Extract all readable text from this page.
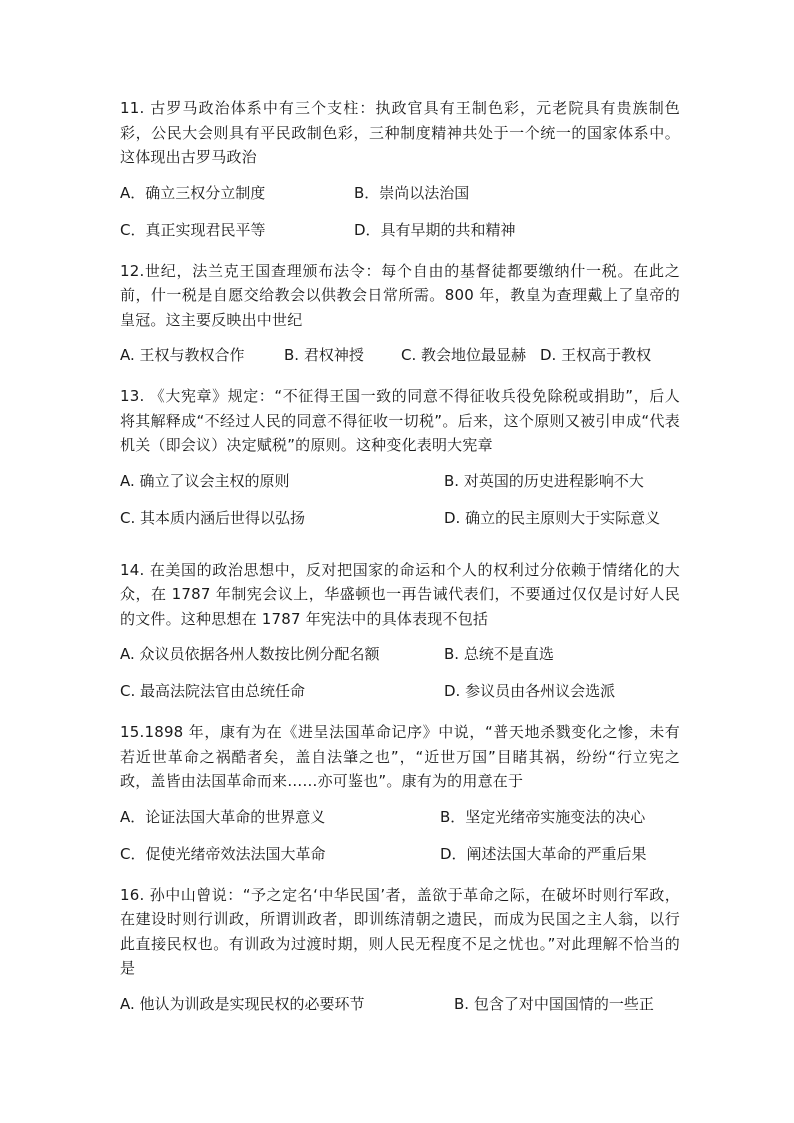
11. 古罗马政治体系中有三个支柱：执政官具有王制色彩，元老院具有贵族制色彩，公民大会则具有平民政制色彩，三种制度精神共处于一个统一的国家体系中。这体现出古罗马政治

A．确立三权分立制度	B．崇尚以法治国
C．真正实现君民平等	D．具有早期的共和精神

12.世纪，法兰克王国查理颁布法令：每个自由的基督徒都要缴纳什一税。在此之前，什一税是自愿交给教会以供教会日常所需。800 年，教皇为查理戴上了皇帝的皇冠。这主要反映出中世纪

A. 王权与教权合作	B. 君权神授 C. 教会地位最显赫 D. 王权高于教权

13. 《大宪章》规定：“不征得王国一致的同意不得征收兵役免除税或捐助”，后人将其解释成“不经过人民的同意不得征收一切税”。后来，这个原则又被引申成“代表机关（即会议）决定赋税”的原则。这种变化表明大宪章

A. 确立了议会主权的原则	B. 对英国的历史进程影响不大
C. 其本质内涵后世得以弘扬	D. 确立的民主原则大于实际意义

14. 在美国的政治思想中，反对把国家的命运和个人的权利过分依赖于情绪化的大众，在 1787 年制宪会议上，华盛顿也一再告诫代表们，不要通过仅仅是讨好人民的文件。这种思想在 1787 年宪法中的具体表现不包括

A. 众议员依据各州人数按比例分配名额	B. 总统不是直选
C. 最高法院法官由总统任命	D. 参议员由各州议会选派

15.1898 年，康有为在《进呈法国革命记序》中说，“普天地杀戮变化之惨，未有若近世革命之祸酷者矣，盖自法肇之也”，“近世万国”目睹其祸，纷纷“行立宪之政，盖皆由法国革命而来……亦可鉴也”。康有为的用意在于

A．论证法国大革命的世界意义	B．坚定光绪帝实施变法的决心
C．促使光绪帝效法法国大革命	D．阐述法国大革命的严重后果

16. 孙中山曾说：“予之定名‘中华民国’者，盖欲于革命之际，在破坏时则行军政，在建设时则行训政，所谓训政者，即训练清朝之遗民，而成为民国之主人翁，以行此直接民权也。有训政为过渡时期，则人民无程度不足之忧也。”对此理解不恰当的是

A. 他认为训政是实现民权的必要环节	B. 包含了对中国国情的一些正
